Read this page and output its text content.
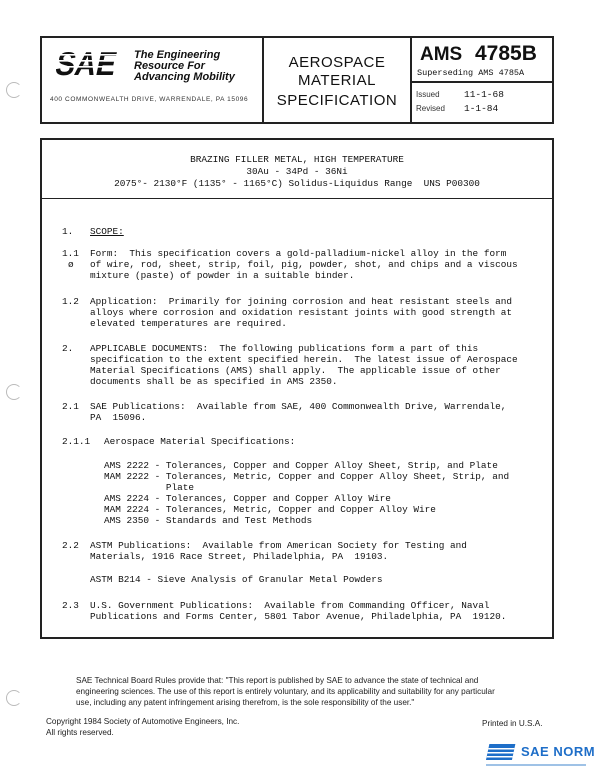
SAE The Engineering
Resource For
Advancing Mobility
400 COMMONWEALTH DRIVE, WARRENDALE, PA 15096
AEROSPACE
MATERIAL
SPECIFICATION
AMS 4785B
Superseding AMS 4785A
Issued	11-1-68
Revised 1-1-84
BRAZING FILLER METAL, HIGH TEMPERATURE
30Au - 34Pd - 36Ni
2075°- 2130°F (1135° - 1165°C) Solidus-Liquidus Range  UNS P00300
1. SCOPE:
1.1
ø
Form:  This specification covers a gold-palladium-nickel alloy in the form
of wire, rod, sheet, strip, foil, pig, powder, shot, and chips and a viscous
mixture (paste) of powder in a suitable binder.
1.2 Application:  Primarily for joining corrosion and heat resistant steels and
alloys where corrosion and oxidation resistant joints with good strength at
elevated temperatures are required.
2. APPLICABLE DOCUMENTS:  The following publications form a part of this
specification to the extent specified herein.  The latest issue of Aerospace
Material Specifications (AMS) shall apply.  The applicable issue of other
documents shall be as specified in AMS 2350.
2.1 SAE Publications:  Available from SAE, 400 Commonwealth Drive, Warrendale,
PA  15096.
2.1.1 Aerospace Material Specifications:
AMS 2222 - Tolerances, Copper and Copper Alloy Sheet, Strip, and Plate
MAM 2222 - Tolerances, Metric, Copper and Copper Alloy Sheet, Strip, and
Plate
AMS 2224 - Tolerances, Copper and Copper Alloy Wire
MAM 2224 - Tolerances, Metric, Copper and Copper Alloy Wire
AMS 2350 - Standards and Test Methods
2.2 ASTM Publications:  Available from American Society for Testing and
Materials, 1916 Race Street, Philadelphia, PA  19103.
ASTM B214 - Sieve Analysis of Granular Metal Powders
2.3 U.S. Government Publications:  Available from Commanding Officer, Naval
Publications and Forms Center, 5801 Tabor Avenue, Philadelphia, PA  19120.
SAE Technical Board Rules provide that: "This report is published by SAE to advance the state of technical and
engineering sciences. The use of this report is entirely voluntary, and its applicability and suitability for any particular
use, including any patent infringement arising therefrom, is the sole responsibility of the user."
Copyright 1984 Society of Automotive Engineers, Inc.
All rights reserved.
Printed in U.S.A.
SAE NORM
